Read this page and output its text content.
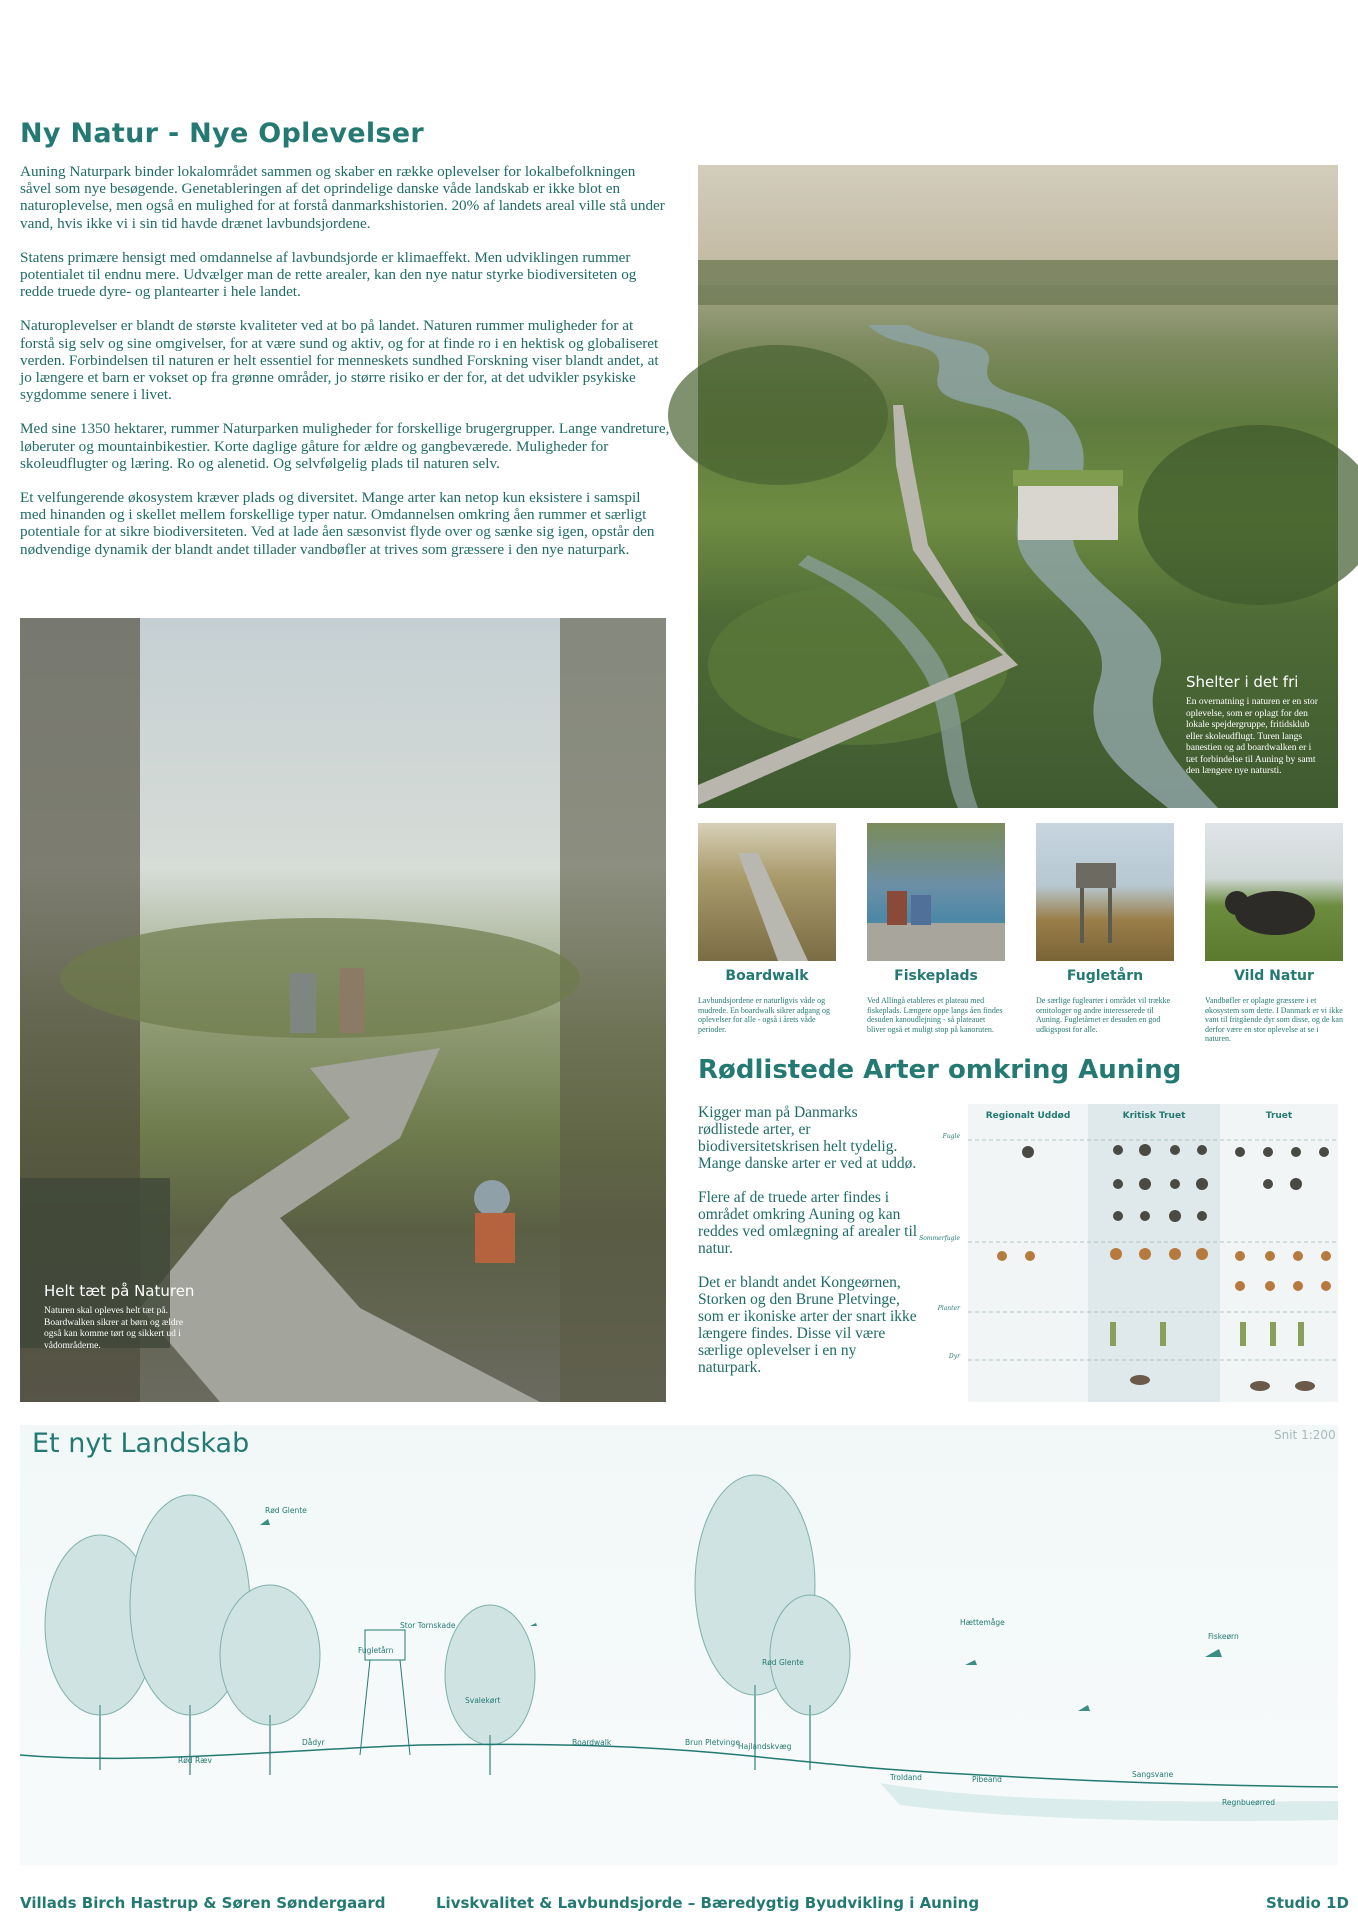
Ny Natur - Nye Oplevelser

Auning Naturpark binder lokalområdet sammen og skaber en række oplevelser for lokalbefolkningen såvel som nye besøgende. Genetableringen af det oprindelige danske våde landskab er ikke blot en naturoplevelse, men også en mulighed for at forstå danmarkshistorien. 20% af landets areal ville stå under vand, hvis ikke vi i sin tid havde drænet lavbundsjordene.

Statens primære hensigt med omdannelse af lavbundsjorde er klimaeffekt. Men udviklingen rummer potentialet til endnu mere. Udvælger man de rette arealer, kan den nye natur styrke biodiversiteten og redde truede dyre- og plantearter i hele landet.

Naturoplevelser er blandt de største kvaliteter ved at bo på landet. Naturen rummer muligheder for at forstå sig selv og sine omgivelser, for at være sund og aktiv, og for at finde ro i en hektisk og globaliseret verden. Forbindelsen til naturen er helt essentiel for menneskets sundhed Forskning viser blandt andet, at jo længere et barn er vokset op fra grønne områder, jo større risiko er der for, at det udvikler psykiske sygdomme senere i livet.

Med sine 1350 hektarer, rummer Naturparken muligheder for forskellige brugergrupper. Lange vandreture, løberuter og mountainbikestier. Korte daglige gåture for ældre og gangbeværede. Muligheder for skoleudflugter og læring. Ro og alenetid. Og selvfølgelig plads til naturen selv.

Et velfungerende økosystem kræver plads og diversitet. Mange arter kan netop kun eksistere i samspil med hinanden og i skellet mellem forskellige typer natur. Omdannelsen omkring åen rummer et særligt potentiale for at sikre biodiversiteten. Ved at lade åen sæsonvist flyde over og sænke sig igen, opstår den nødvendige dynamik der blandt andet tillader vandbøfler at trives som græssere i den nye naturpark.

Shelter i det fri
En overnatning i naturen er en stor oplevelse, som er oplagt for den lokale spejdergruppe, fritidsklub eller skoleudflugt. Turen langs banestien og ad boardwalken er i tæt forbindelse til Auning by samt den længere nye natursti.
Helt tæt på Naturen
Naturen skal opleves helt tæt på. Boardwalken sikrer at børn og ældre også kan komme tørt og sikkert ud i vådområderne.
Boardwalk	Fiskeplads	Fugletårn	Vild Natur
Lavbundsjordene er naturligvis våde og mudrede. En boardwalk sikrer adgang og oplevelser for alle - også i årets våde perioder.
Ved Allingå etableres et plateau med fiskeplads. Længere oppe langs åen findes desuden kanoudlejning - så plateauet bliver også et muligt stop på kanoruten.
De særlige fuglearter i området vil trække ornitologer og andre interesserede til Auning. Fugletårnet er desuden en god udkigspost for alle.
Vandbøfler er oplagte græssere i et økosystem som dette. I Danmark er vi ikke vant til fritgående dyr som disse, og de kan derfor være en stor oplevelse at se i naturen.
Rødlistede Arter omkring Auning

Kigger man på Danmarks rødlistede arter, er biodiversitetskrisen helt tydelig. Mange danske arter er ved at uddø.

Flere af de truede arter findes i området omkring Auning og kan reddes ved omlægning af arealer til natur.

Det er blandt andet Kongeørnen, Storken og den Brune Pletvinge, som er ikoniske arter der snart ikke længere findes. Disse vil være særlige oplevelser i en ny naturpark.

Regionalt Uddød	Kritisk Truet	Truet
Fugle
Sommerfugle
Planter
Dyr
Rød Glente
Stor Tornskade
Fugletårn
Svalekørt
Dådyr
Rød Ræv
Boardwalk	Brun Pletvinge
Hajlandskvæg
Rød Glente
Hættemåge
Fiskeørn
Troldand	Pibeand
Sangsvane
Regnbueørred
Et nyt Landskab	Snit 1:200
Villads Birch Hastrup & Søren Søndergaard	Livskvalitet & Lavbundsjorde – Bæredygtig Byudvikling i Auning	Studio 1D
